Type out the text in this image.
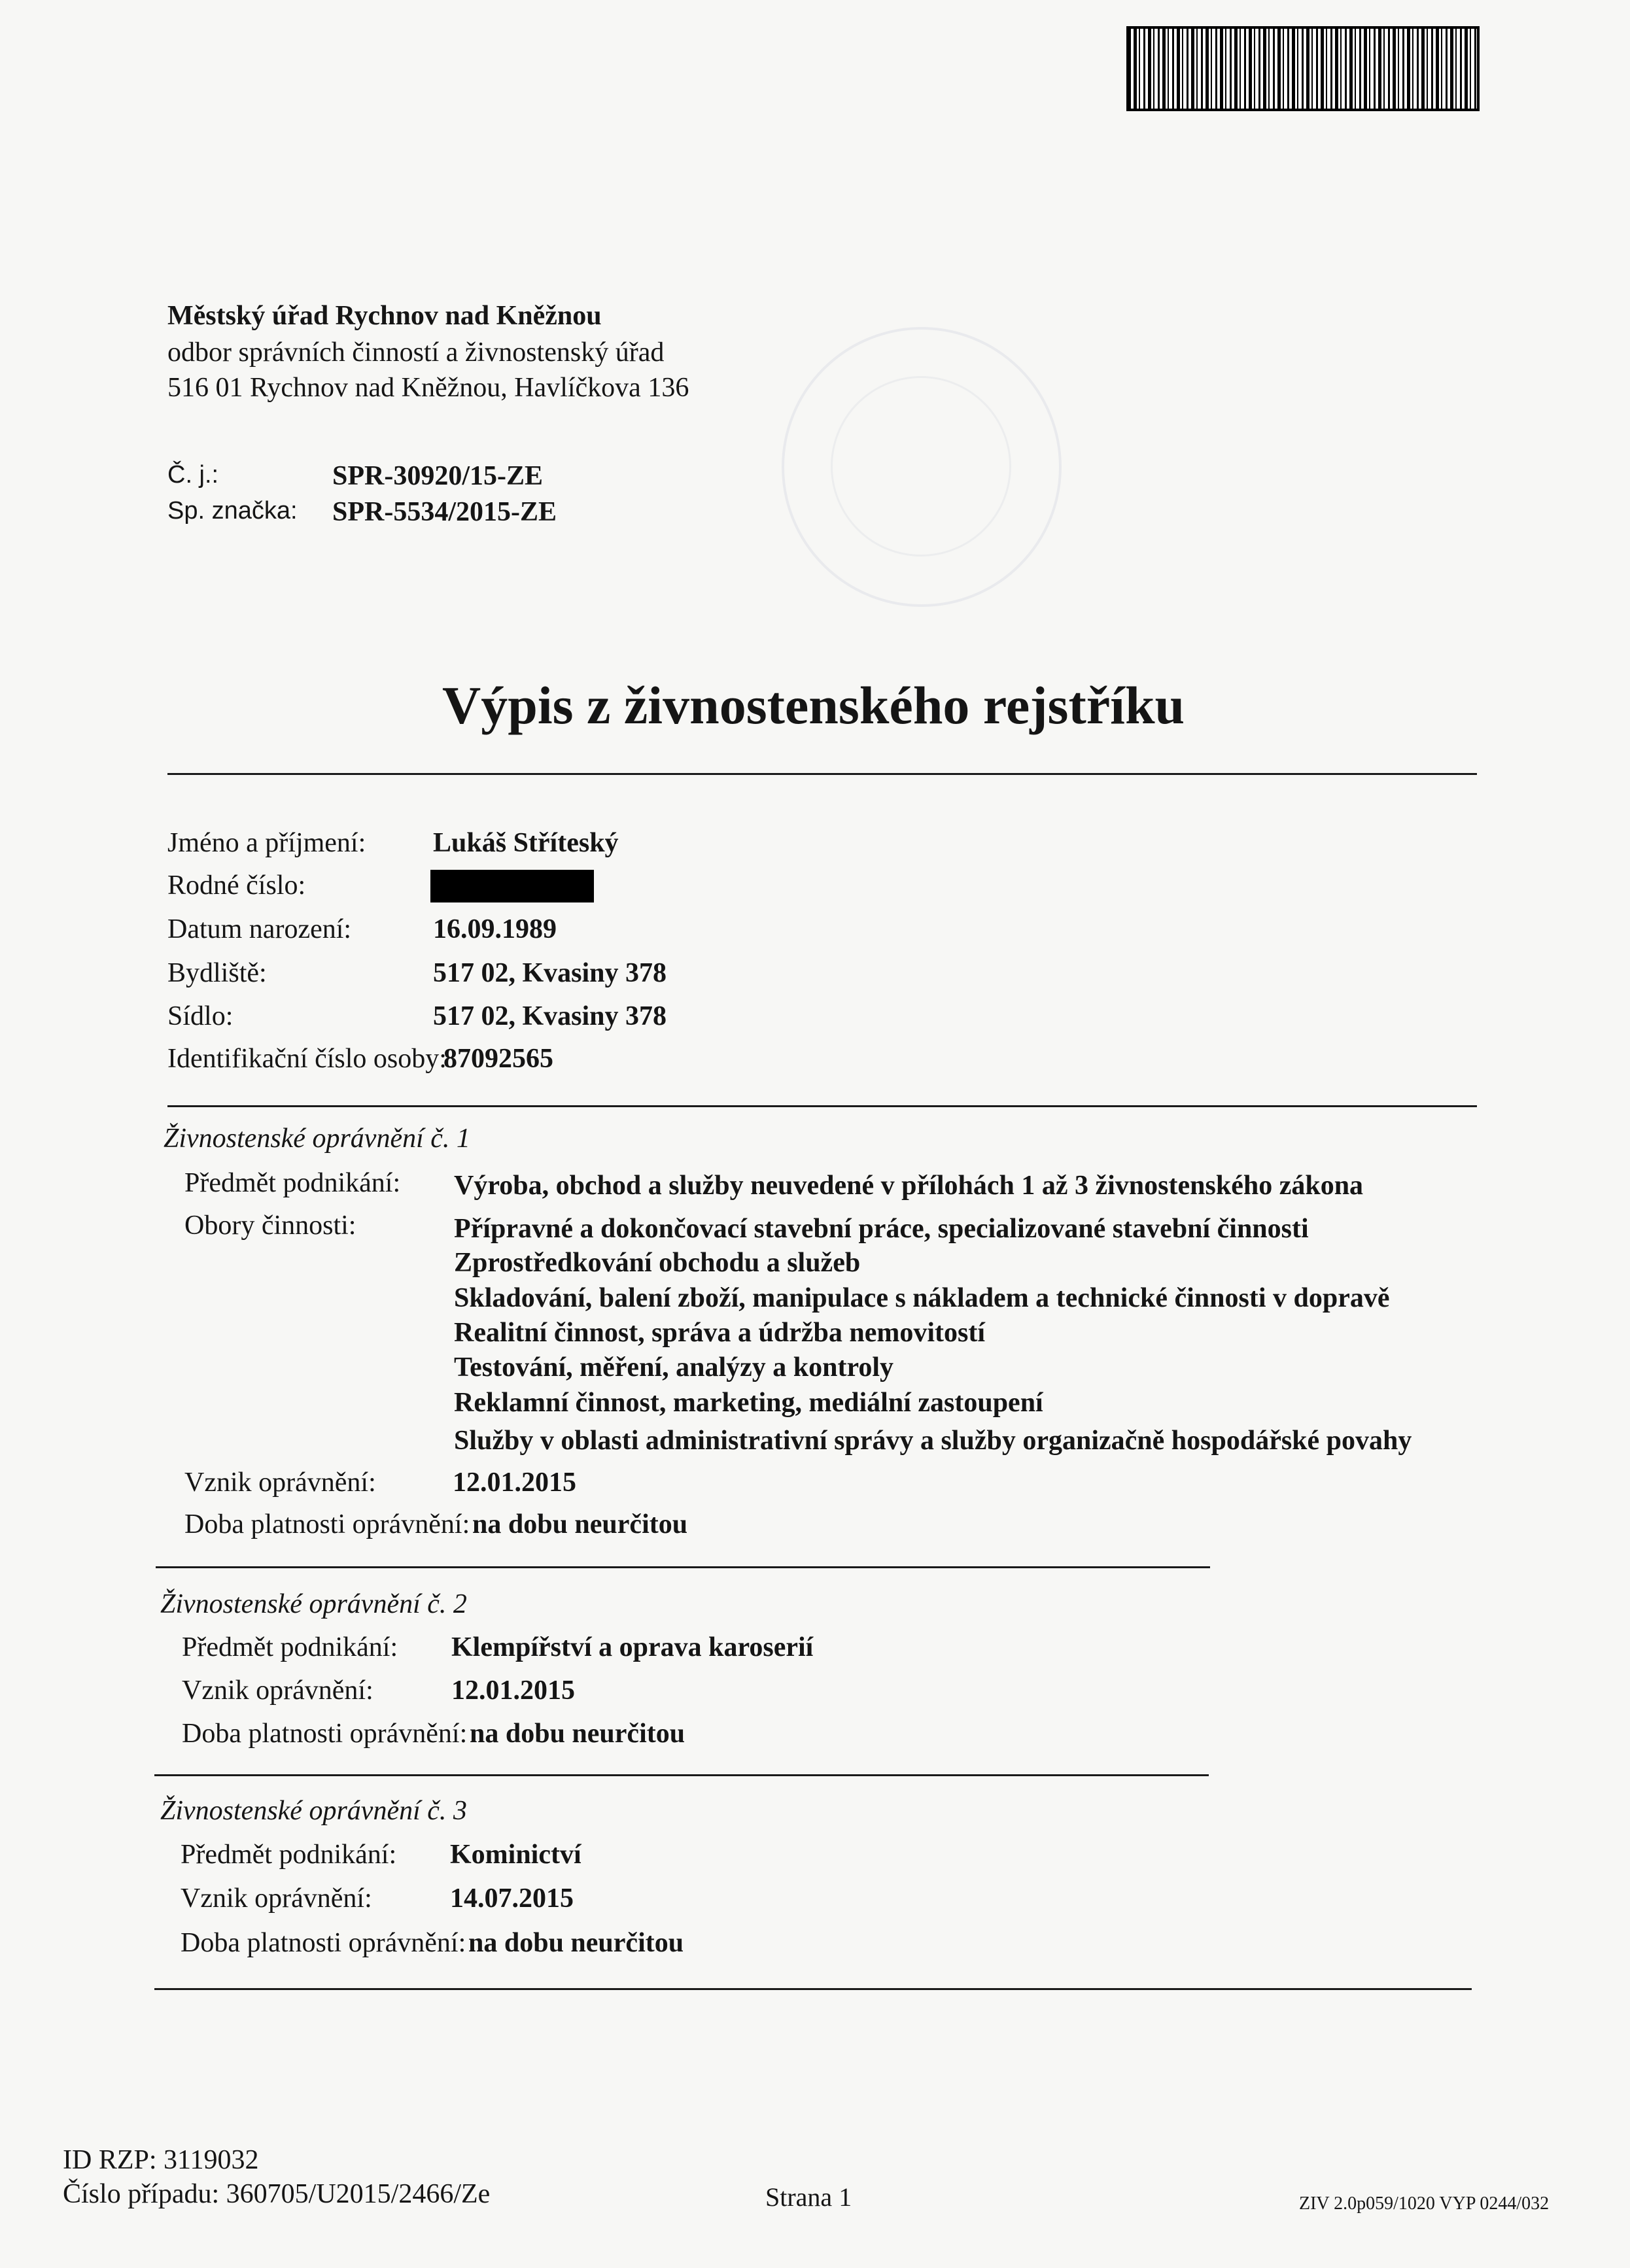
Městský úřad Rychnov nad Kněžnou
odbor správních činností a živnostenský úřad
516 01 Rychnov nad Kněžnou, Havlíčkova 136
Č. j.:	SPR-30920/15-ZE
Sp. značka: SPR-5534/2015-ZE
Výpis z živnostenského rejstříku
Jméno a příjmení: Lukáš Stříteský
Rodné číslo:
Datum narození:	16.09.1989
Bydliště:	517 02, Kvasiny 378
Sídlo:	517 02, Kvasiny 378
Identifikační číslo osoby:
87092565
Živnostenské oprávnění č. 1
Předmět podnikání: Výroba, obchod a služby neuvedené v přílohách 1 až 3 živnostenského zákona
Obory činnosti:	Přípravné a dokončovací stavební práce, specializované stavební činnosti
Zprostředkování obchodu a služeb
Skladování, balení zboží, manipulace s nákladem a technické činnosti v dopravě
Realitní činnost, správa a údržba nemovitostí
Testování, měření, analýzy a kontroly
Reklamní činnost, marketing, mediální zastoupení
Služby v oblasti administrativní správy a služby organizačně hospodářské povahy
Vznik oprávnění:	12.01.2015
Doba platnosti oprávnění: na dobu neurčitou
Živnostenské oprávnění č. 2
Předmět podnikání: Klempířství a oprava karoserií
Vznik oprávnění:	12.01.2015
Doba platnosti oprávnění: na dobu neurčitou
Živnostenské oprávnění č. 3
Předmět podnikání: Kominictví
Vznik oprávnění:	14.07.2015
Doba platnosti oprávnění: na dobu neurčitou
ID RZP: 3119032
Číslo případu: 360705/U2015/2466/Ze	Strana 1	ZIV 2.0p059/1020 VYP 0244/032
